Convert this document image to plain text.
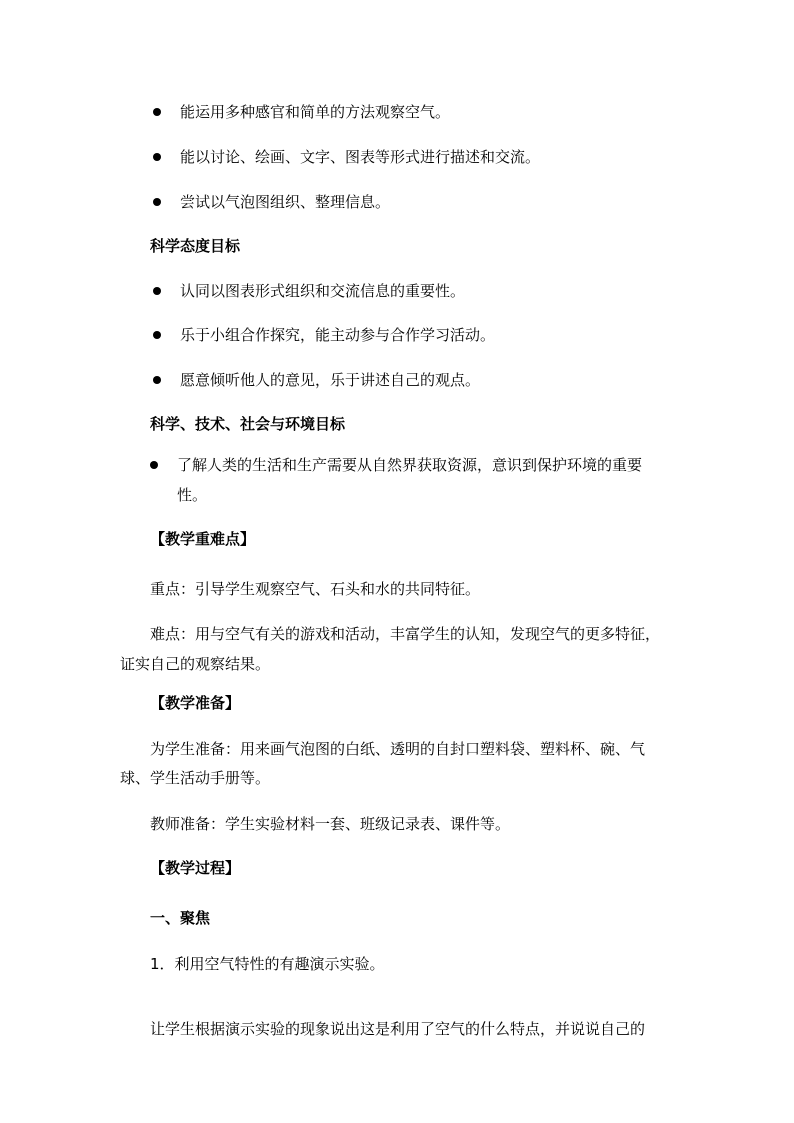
能运用多种感官和简单的方法观察空气。
能以讨论、绘画、文字、图表等形式进行描述和交流。
尝试以气泡图组织、整理信息。
科学态度目标
认同以图表形式组织和交流信息的重要性。
乐于小组合作探究，能主动参与合作学习活动。
愿意倾听他人的意见，乐于讲述自己的观点。
科学、技术、社会与环境目标
了解人类的生活和生产需要从自然界获取资源，意识到保护环境的重要
性。
【教学重难点】
重点：引导学生观察空气、石头和水的共同特征。
难点：用与空气有关的游戏和活动，丰富学生的认知，发现空气的更多特征，
证实自己的观察结果。
【教学准备】
为学生准备：用来画气泡图的白纸、透明的自封口塑料袋、塑料杯、碗、气
球、学生活动手册等。
教师准备：学生实验材料一套、班级记录表、课件等。
【教学过程】
一、聚焦
1．利用空气特性的有趣演示实验。
让学生根据演示实验的现象说出这是利用了空气的什么特点，并说说自己的
